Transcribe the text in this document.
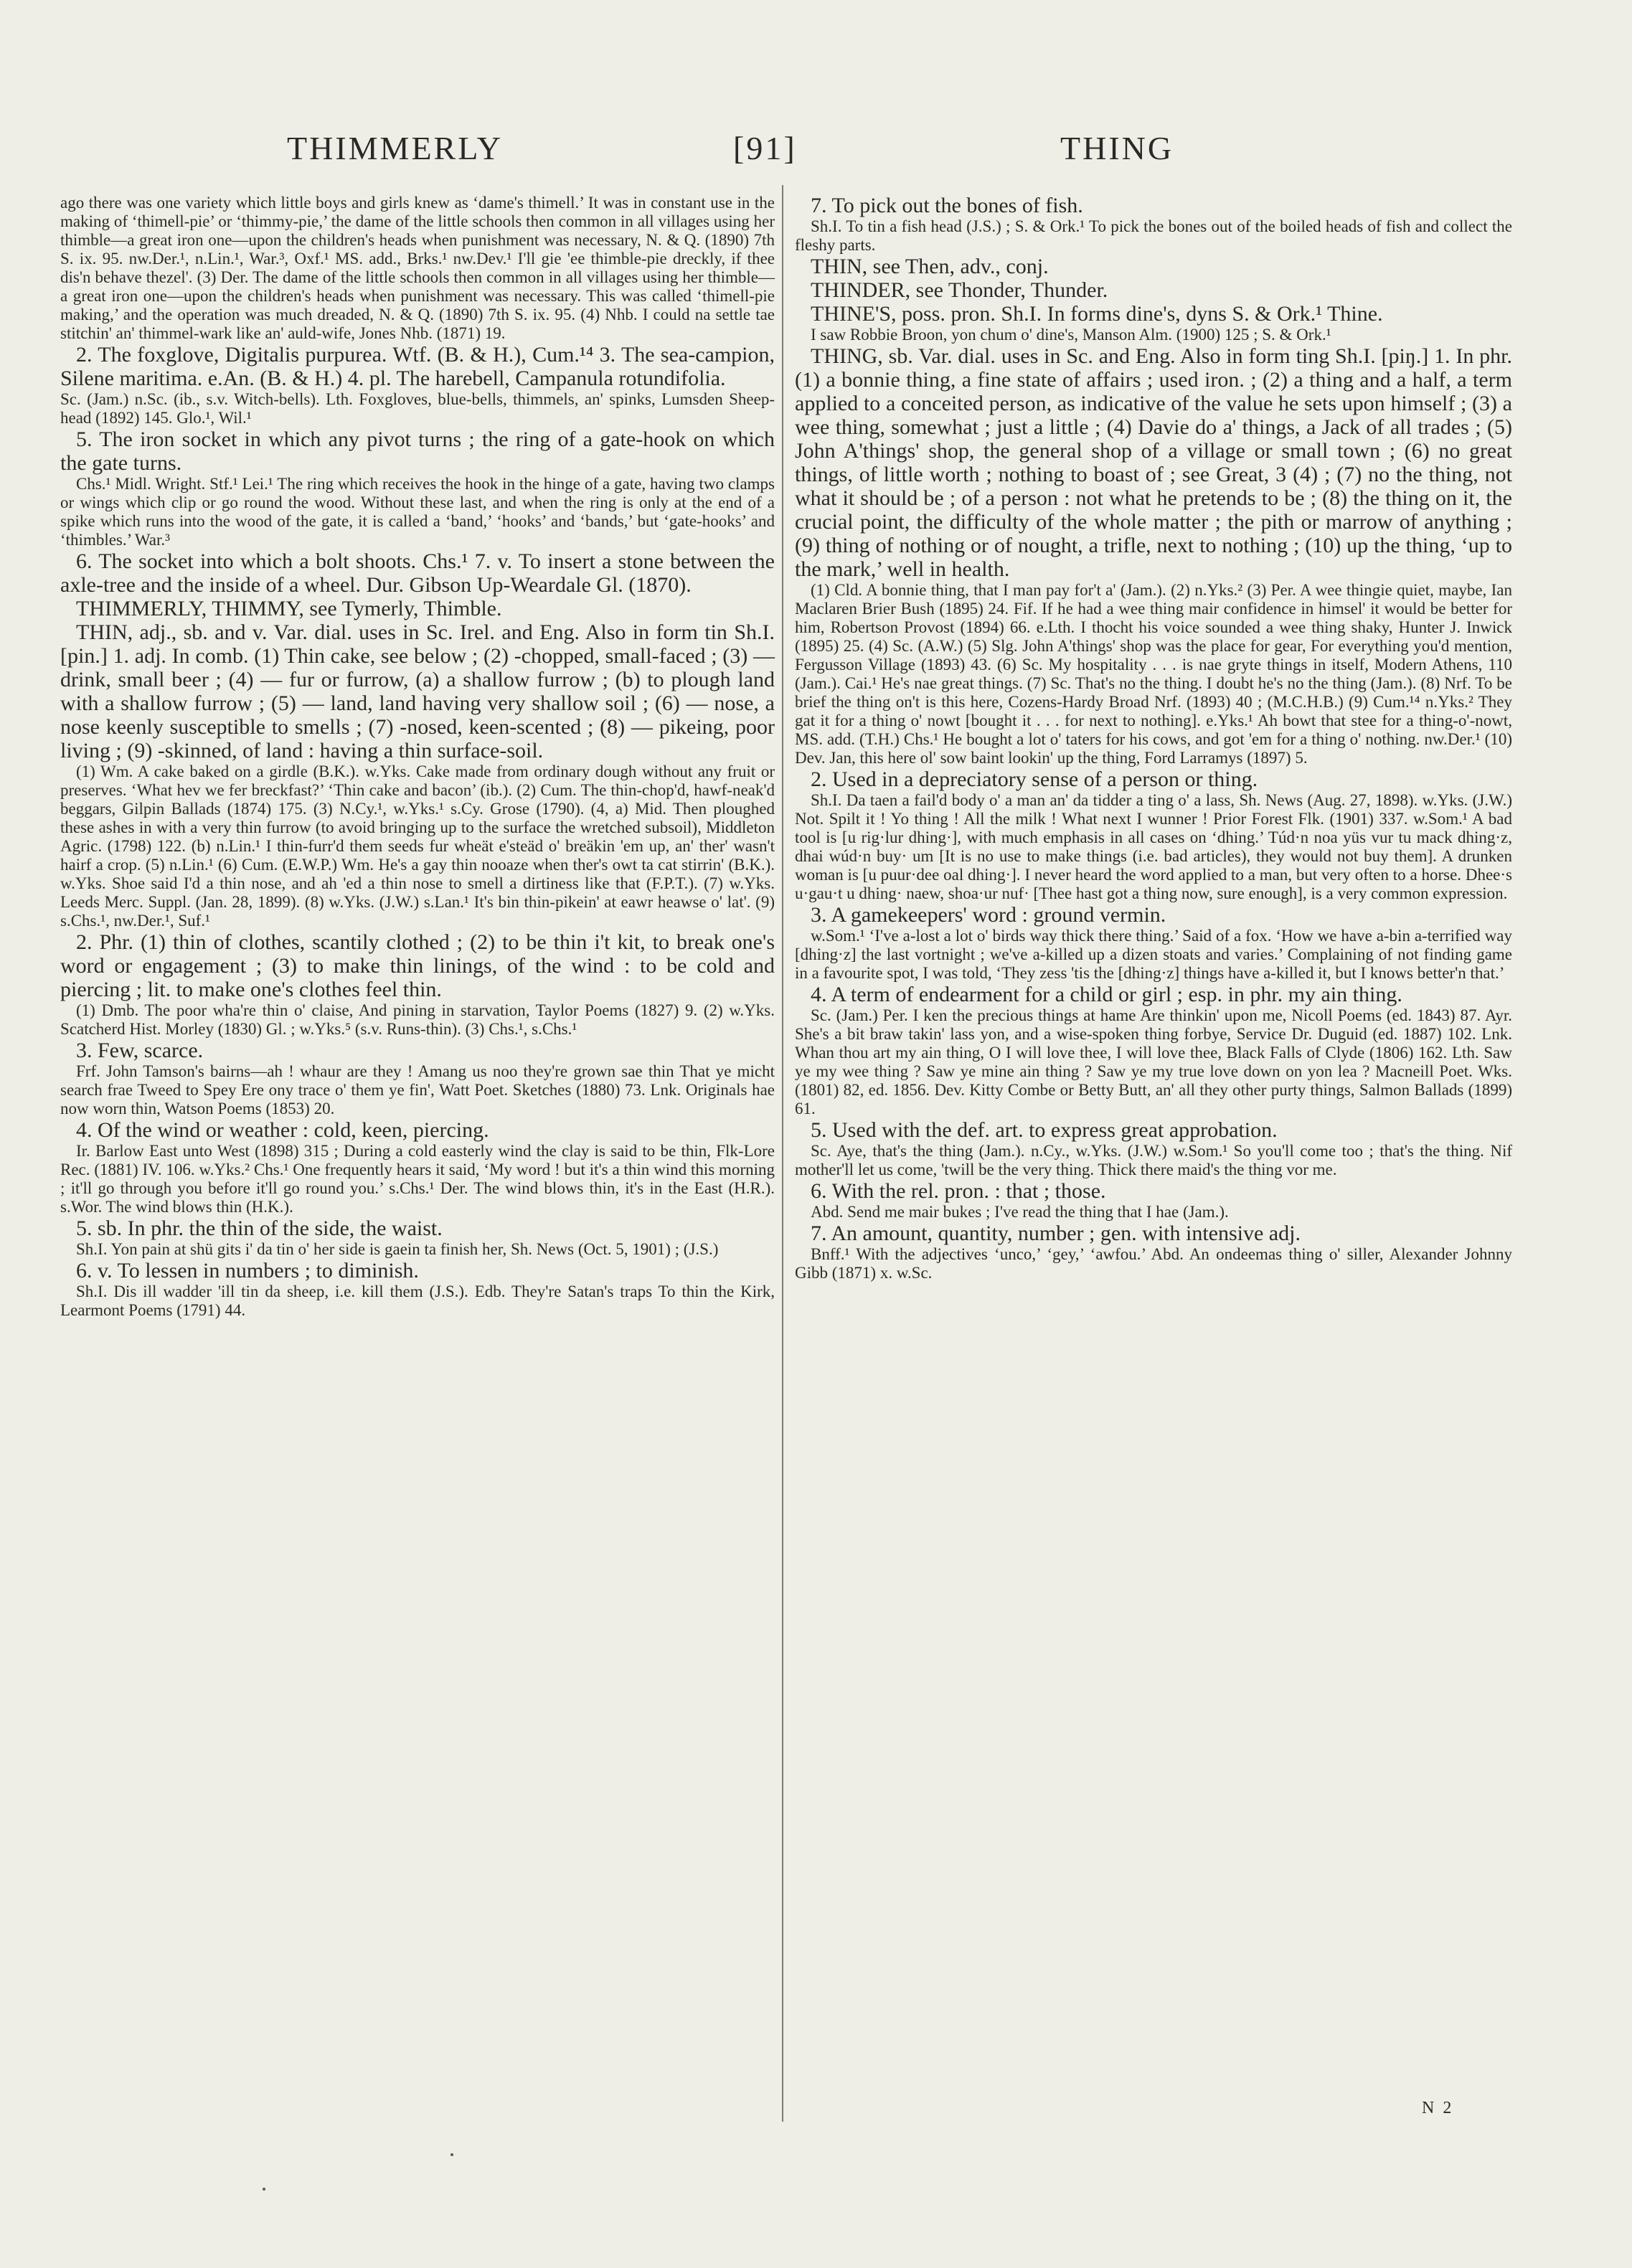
THIMMERLY	[91]	THING

ago there was one variety which little boys and girls knew as ‘dame's thimell.’ It was in constant use in the making of ‘thimell-pie’ or ‘thimmy-pie,’ the dame of the little schools then common in all villages using her thimble—a great iron one—upon the children's heads when punishment was necessary, N. & Q. (1890) 7th S. ix. 95. nw.Der.¹, n.Lin.¹, War.³, Oxf.¹ MS. add., Brks.¹ nw.Dev.¹ I'll gie 'ee thimble-pie dreckly, if thee dis'n behave thezel'. (3) Der. The dame of the little schools then common in all villages using her thimble—a great iron one—upon the children's heads when punishment was necessary. This was called ‘thimell-pie making,’ and the operation was much dreaded, N. & Q. (1890) 7th S. ix. 95. (4) Nhb. I could na settle tae stitchin' an' thimmel-wark like an' auld-wife, Jones Nhb. (1871) 19.

2. The foxglove, Digitalis purpurea. Wtf. (B. & H.), Cum.¹⁴ 3. The sea-campion, Silene maritima. e.An. (B. & H.) 4. pl. The harebell, Campanula rotundifolia.

Sc. (Jam.) n.Sc. (ib., s.v. Witch-bells). Lth. Foxgloves, blue-bells, thimmels, an' spinks, Lumsden Sheep-head (1892) 145. Glo.¹, Wil.¹

5. The iron socket in which any pivot turns ; the ring of a gate-hook on which the gate turns.

Chs.¹ Midl. Wright. Stf.¹ Lei.¹ The ring which receives the hook in the hinge of a gate, having two clamps or wings which clip or go round the wood. Without these last, and when the ring is only at the end of a spike which runs into the wood of the gate, it is called a ‘band,’ ‘hooks’ and ‘bands,’ but ‘gate-hooks’ and ‘thimbles.’ War.³

6. The socket into which a bolt shoots. Chs.¹ 7. v. To insert a stone between the axle-tree and the inside of a wheel. Dur. Gibson Up-Weardale Gl. (1870).

THIMMERLY, THIMMY, see Tymerly, Thimble.

THIN, adj., sb. and v. Var. dial. uses in Sc. Irel. and Eng. Also in form tin Sh.I. [pin.] 1. adj. In comb. (1) Thin cake, see below ; (2) -chopped, small-faced ; (3) — drink, small beer ; (4) — fur or furrow, (a) a shallow furrow ; (b) to plough land with a shallow furrow ; (5) — land, land having very shallow soil ; (6) — nose, a nose keenly susceptible to smells ; (7) -nosed, keen-scented ; (8) — pikeing, poor living ; (9) -skinned, of land : having a thin surface-soil.

(1) Wm. A cake baked on a girdle (B.K.). w.Yks. Cake made from ordinary dough without any fruit or preserves. ‘What hev we fer breckfast?’ ‘Thin cake and bacon’ (ib.). (2) Cum. The thin-chop'd, hawf-neak'd beggars, Gilpin Ballads (1874) 175. (3) N.Cy.¹, w.Yks.¹ s.Cy. Grose (1790). (4, a) Mid. Then ploughed these ashes in with a very thin furrow (to avoid bringing up to the surface the wretched subsoil), Middleton Agric. (1798) 122. (b) n.Lin.¹ I thin-furr'd them seeds fur wheät e'steäd o' breäkin 'em up, an' ther' wasn't hairf a crop. (5) n.Lin.¹ (6) Cum. (E.W.P.) Wm. He's a gay thin nooaze when ther's owt ta cat stirrin' (B.K.). w.Yks. Shoe said I'd a thin nose, and ah 'ed a thin nose to smell a dirtiness like that (F.P.T.). (7) w.Yks. Leeds Merc. Suppl. (Jan. 28, 1899). (8) w.Yks. (J.W.) s.Lan.¹ It's bin thin-pikein' at eawr heawse o' lat'. (9) s.Chs.¹, nw.Der.¹, Suf.¹

2. Phr. (1) thin of clothes, scantily clothed ; (2) to be thin i't kit, to break one's word or engagement ; (3) to make thin linings, of the wind : to be cold and piercing ; lit. to make one's clothes feel thin.

(1) Dmb. The poor wha're thin o' claise, And pining in starvation, Taylor Poems (1827) 9. (2) w.Yks. Scatcherd Hist. Morley (1830) Gl. ; w.Yks.⁵ (s.v. Runs-thin). (3) Chs.¹, s.Chs.¹

3. Few, scarce.

Frf. John Tamson's bairns—ah ! whaur are they ! Amang us noo they're grown sae thin That ye micht search frae Tweed to Spey Ere ony trace o' them ye fin', Watt Poet. Sketches (1880) 73. Lnk. Originals hae now worn thin, Watson Poems (1853) 20.

4. Of the wind or weather : cold, keen, piercing.

Ir. Barlow East unto West (1898) 315 ; During a cold easterly wind the clay is said to be thin, Flk-Lore Rec. (1881) IV. 106. w.Yks.² Chs.¹ One frequently hears it said, ‘My word ! but it's a thin wind this morning ; it'll go through you before it'll go round you.’ s.Chs.¹ Der. The wind blows thin, it's in the East (H.R.). s.Wor. The wind blows thin (H.K.).

5. sb. In phr. the thin of the side, the waist.

Sh.I. Yon pain at shü gits i' da tin o' her side is gaein ta finish her, Sh. News (Oct. 5, 1901) ; (J.S.)

6. v. To lessen in numbers ; to diminish.

Sh.I. Dis ill wadder 'ill tin da sheep, i.e. kill them (J.S.). Edb. They're Satan's traps To thin the Kirk, Learmont Poems (1791) 44.

7. To pick out the bones of fish.

Sh.I. To tin a fish head (J.S.) ; S. & Ork.¹ To pick the bones out of the boiled heads of fish and collect the fleshy parts.

THIN, see Then, adv., conj.

THINDER, see Thonder, Thunder.

THINE'S, poss. pron. Sh.I. In forms dine's, dyns S. & Ork.¹ Thine.

I saw Robbie Broon, yon chum o' dine's, Manson Alm. (1900) 125 ; S. & Ork.¹

THING, sb. Var. dial. uses in Sc. and Eng. Also in form ting Sh.I. [piŋ.] 1. In phr. (1) a bonnie thing, a fine state of affairs ; used iron. ; (2) a thing and a half, a term applied to a conceited person, as indicative of the value he sets upon himself ; (3) a wee thing, somewhat ; just a little ; (4) Davie do a' things, a Jack of all trades ; (5) John A'things' shop, the general shop of a village or small town ; (6) no great things, of little worth ; nothing to boast of ; see Great, 3 (4) ; (7) no the thing, not what it should be ; of a person : not what he pretends to be ; (8) the thing on it, the crucial point, the difficulty of the whole matter ; the pith or marrow of anything ; (9) thing of nothing or of nought, a trifle, next to nothing ; (10) up the thing, ‘up to the mark,’ well in health.

(1) Cld. A bonnie thing, that I man pay for't a' (Jam.). (2) n.Yks.² (3) Per. A wee thingie quiet, maybe, Ian Maclaren Brier Bush (1895) 24. Fif. If he had a wee thing mair confidence in himsel' it would be better for him, Robertson Provost (1894) 66. e.Lth. I thocht his voice sounded a wee thing shaky, Hunter J. Inwick (1895) 25. (4) Sc. (A.W.) (5) Slg. John A'things' shop was the place for gear, For everything you'd mention, Fergusson Village (1893) 43. (6) Sc. My hospitality . . . is nae gryte things in itself, Modern Athens, 110 (Jam.). Cai.¹ He's nae great things. (7) Sc. That's no the thing. I doubt he's no the thing (Jam.). (8) Nrf. To be brief the thing on't is this here, Cozens-Hardy Broad Nrf. (1893) 40 ; (M.C.H.B.) (9) Cum.¹⁴ n.Yks.² They gat it for a thing o' nowt [bought it . . . for next to nothing]. e.Yks.¹ Ah bowt that stee for a thing-o'-nowt, MS. add. (T.H.) Chs.¹ He bought a lot o' taters for his cows, and got 'em for a thing o' nothing. nw.Der.¹ (10) Dev. Jan, this here ol' sow baint lookin' up the thing, Ford Larramys (1897) 5.

2. Used in a depreciatory sense of a person or thing.

Sh.I. Da taen a fail'd body o' a man an' da tidder a ting o' a lass, Sh. News (Aug. 27, 1898). w.Yks. (J.W.) Not. Spilt it ! Yo thing ! All the milk ! What next I wunner ! Prior Forest Flk. (1901) 337. w.Som.¹ A bad tool is [u rig·lur dhing·], with much emphasis in all cases on ‘dhing.’ Túd·n noa yüs vur tu mack dhing·z, dhai wúd·n buy· um [It is no use to make things (i.e. bad articles), they would not buy them]. A drunken woman is [u puur·dee oal dhing·]. I never heard the word applied to a man, but very often to a horse. Dhee·s u·gau·t u dhing· naew, shoa·ur nuf· [Thee hast got a thing now, sure enough], is a very common expression.

3. A gamekeepers' word : ground vermin.

w.Som.¹ ‘I've a-lost a lot o' birds way thick there thing.’ Said of a fox. ‘How we have a-bin a-terrified way [dhing·z] the last vortnight ; we've a-killed up a dizen stoats and varies.’ Complaining of not finding game in a favourite spot, I was told, ‘They zess 'tis the [dhing·z] things have a-killed it, but I knows better'n that.’

4. A term of endearment for a child or girl ; esp. in phr. my ain thing.

Sc. (Jam.) Per. I ken the precious things at hame Are thinkin' upon me, Nicoll Poems (ed. 1843) 87. Ayr. She's a bit braw takin' lass yon, and a wise-spoken thing forbye, Service Dr. Duguid (ed. 1887) 102. Lnk. Whan thou art my ain thing, O I will love thee, I will love thee, Black Falls of Clyde (1806) 162. Lth. Saw ye my wee thing ? Saw ye mine ain thing ? Saw ye my true love down on yon lea ? Macneill Poet. Wks. (1801) 82, ed. 1856. Dev. Kitty Combe or Betty Butt, an' all they other purty things, Salmon Ballads (1899) 61.

5. Used with the def. art. to express great approbation.

Sc. Aye, that's the thing (Jam.). n.Cy., w.Yks. (J.W.) w.Som.¹ So you'll come too ; that's the thing. Nif mother'll let us come, 'twill be the very thing. Thick there maid's the thing vor me.

6. With the rel. pron. : that ; those.

Abd. Send me mair bukes ; I've read the thing that I hae (Jam.).

7. An amount, quantity, number ; gen. with intensive adj.

Bnff.¹ With the adjectives ‘unco,’ ‘gey,’ ‘awfou.’ Abd. An ondeemas thing o' siller, Alexander Johnny Gibb (1871) x. w.Sc.

N 2
